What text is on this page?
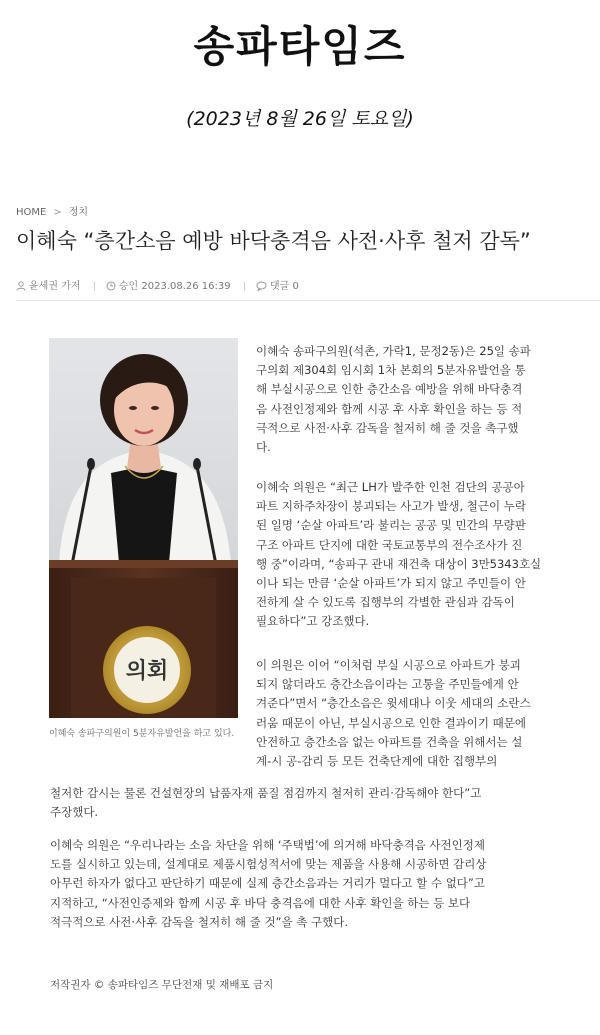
송파타임즈
(2023년 8월 26일 토요일)
HOME > 정치
이혜숙 “층간소음 예방 바닥충격음 사전·사후 철저 감독”
윤세권 가저	승인 2023.08.26 16:39	댓글 0
의회
이혜숙 송파구의원이 5분자유발언을 하고 있다.

이혜숙 송파구의원(석촌, 가락1, 문정2동)은 25일 송파
구의회 제304회 임시회 1차 본회의 5분자유발언을 통
해 부실시공으로 인한 층간소음 예방을 위해 바닥충격
음 사전인정제와 함께 시공 후 사후 확인을 하는 등 적
극적으로 사전·사후 감독을 철저히 해 줄 것을 촉구했
다.

이혜숙 의원은 “최근 LH가 발주한 인천 검단의 공공아
파트 지하주차장이 붕괴되는 사고가 발생, 철근이 누락
된 일명 ‘순살 아파트’라 불리는 공공 및 민간의 무량판
구조 아파트 단지에 대한 국토교통부의 전수조사가 진
행 중”이라며, “송파구 관내 재건축 대상이 3만5343호실
이나 되는 만큼 ‘순살 아파트’가 되지 않고 주민들이 안
전하게 살 수 있도록 집행부의 각별한 관심과 감독이
필요하다”고 강조했다.

이 의원은 이어 “이처럼 부실 시공으로 아파트가 붕괴
되지 않더라도 층간소음이라는 고통을 주민들에게 안
겨준다”면서 “층간소음은 윗세대나 이웃 세대의 소란스
러움 때문이 아닌, 부실시공으로 인한 결과이기 때문에
안전하고 층간소음 없는 아파트를 건축을 위해서는 설
계-시 공-감리 등 모든 건축단계에 대한 집행부의

철저한 감시는 물론 건설현장의 납품자재 품질 점검까지 철저히 관리·감독해야 한다”고
주장했다.

이혜숙 의원은 “우리나라는 소음 차단을 위해 ‘주택법’에 의거해 바닥충격음 사전인정제
도를 실시하고 있는데, 설계대로 제품시험성적서에 맞는 제품을 사용해 시공하면 감리상
아무런 하자가 없다고 판단하기 때문에 실제 층간소음과는 거리가 멀다고 할 수 없다”고
지적하고, “사전인증제와 함께 시공 후 바닥 충격음에 대한 사후 확인을 하는 등 보다
적극적으로 사전·사후 감독을 철저히 해 줄 것”을 촉 구했다.

저작권자 © 송파타임즈 무단전재 및 재배포 금지
